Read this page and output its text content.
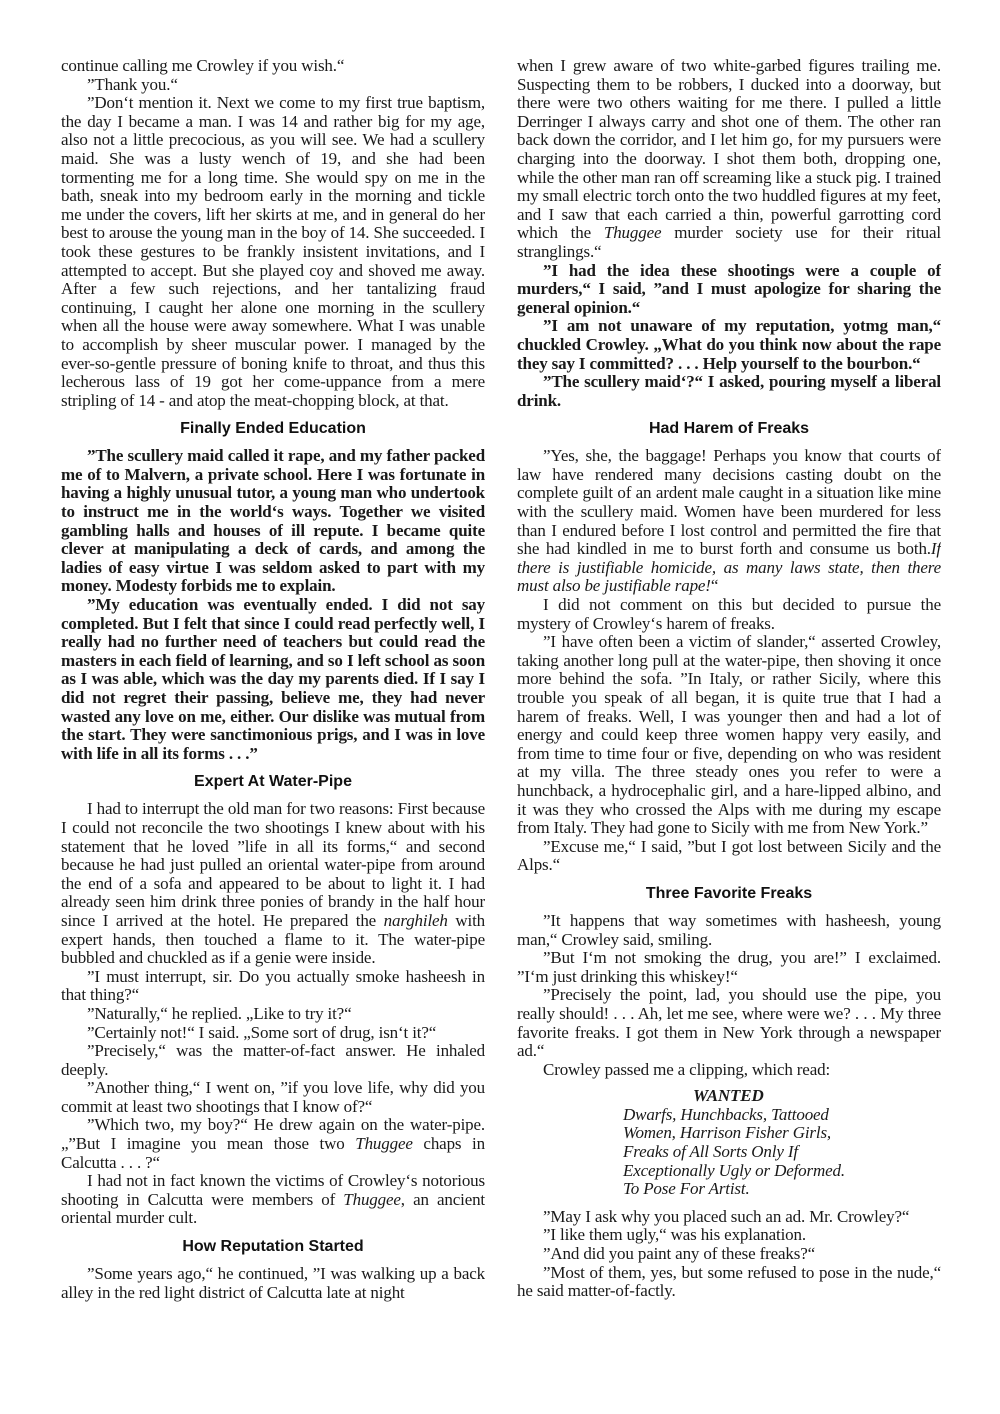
continue calling me Crowley if you wish.“

”Thank you.“

”Don‘t mention it. Next we come to my first true baptism, the day I became a man. I was 14 and rather big for my age, also not a little precocious, as you will see. We had a scullery maid. She was a lusty wench of 19, and she had been tormenting me for a long time. She would spy on me in the bath, sneak into my bedroom early in the morning and tickle me under the covers, lift her skirts at me, and in general do her best to arouse the young man in the boy of 14. She succeeded. I took these gestures to be frankly insistent invitations, and I attempted to accept. But she played coy and shoved me away. After a few such rejections, and her tantalizing fraud continuing, I caught her alone one morning in the scullery when all the house were away somewhere. What I was unable to accomplish by sheer muscular power. I managed by the ever-so-gentle pressure of boning knife to throat, and thus this lecherous lass of 19 got her come-uppance from a mere stripling of 14 - and atop the meat-chopping block, at that.

Finally Ended Education

”The scullery maid called it rape, and my father packed me of to Malvern, a private school. Here I was fortunate in having a highly unusual tutor, a young man who undertook to instruct me in the world‘s ways. Together we visited gambling halls and houses of ill repute. I became quite clever at manipulating a deck of cards, and among the ladies of easy virtue I was seldom asked to part with my money. Modesty forbids me to explain.

”My education was eventually ended. I did not say completed. But I felt that since I could read perfectly well, I really had no further need of teachers but could read the masters in each field of learning, and so I left school as soon as I was able, which was the day my parents died. If I say I did not regret their passing, believe me, they had never wasted any love on me, either. Our dislike was mutual from the start. They were sanctimonious prigs, and I was in love with life in all its forms . . .”

Expert At Water-Pipe

I had to interrupt the old man for two reasons: First because I could not reconcile the two shootings I knew about with his statement that he loved ”life in all its forms,“ and second because he had just pulled an oriental water-pipe from around the end of a sofa and appeared to be about to light it. I had already seen him drink three ponies of brandy in the half hour since I arrived at the hotel. He prepared the narghileh with expert hands, then touched a flame to it. The water-pipe bubbled and chuckled as if a genie were inside.

”I must interrupt, sir. Do you actually smoke hasheesh in that thing?“

”Naturally,“ he replied. „Like to try it?“

”Certainly not!“ I said. „Some sort of drug, isn‘t it?“

”Precisely,“ was the matter-of-fact answer. He inhaled deeply.

”Another thing,“ I went on, ”if you love life, why did you commit at least two shootings that I know of?“

”Which two, my boy?“ He drew again on the water-pipe. „”But I imagine you mean those two Thuggee chaps in Calcutta . . . ?“

I had not in fact known the victims of Crowley‘s notorious shooting in Calcutta were members of Thuggee, an ancient oriental murder cult.

How Reputation Started

”Some years ago,“ he continued, ”I was walking up a back alley in the red light district of Calcutta late at night

when I grew aware of two white-garbed figures trailing me. Suspecting them to be robbers, I ducked into a doorway, but there were two others waiting for me there. I pulled a little Derringer I always carry and shot one of them. The other ran back down the corridor, and I let him go, for my pursuers were charging into the doorway. I shot them both, dropping one, while the other man ran off screaming like a stuck pig. I trained my small electric torch onto the two huddled figures at my feet, and I saw that each carried a thin, powerful garrotting cord which the Thuggee murder society use for their ritual stranglings.“

”I had the idea these shootings were a couple of murders,“ I said, ”and I must apologize for sharing the general opinion.“

”I am not unaware of my reputation, yotmg man,“ chuckled Crowley. „What do you think now about the rape they say I committed? . . . Help yourself to the bourbon.“

”The scullery maid‘?“ I asked, pouring myself a liberal drink.

Had Harem of Freaks

”Yes, she, the baggage! Perhaps you know that courts of law have rendered many decisions casting doubt on the complete guilt of an ardent male caught in a situation like mine with the scullery maid. Women have been murdered for less than I endured before I lost control and permitted the fire that she had kindled in me to burst forth and consume us both.If there is justifiable homicide, as many laws state, then there must also be justifiable rape!“

I did not comment on this but decided to pursue the mystery of Crowley‘s harem of freaks.

”I have often been a victim of slander,“ asserted Crowley, taking another long pull at the water-pipe, then shoving it once more behind the sofa. ”In Italy, or rather Sicily, where this trouble you speak of all began, it is quite true that I had a harem of freaks. Well, I was younger then and had a lot of energy and could keep three women happy very easily, and from time to time four or five, depending on who was resident at my villa. The three steady ones you refer to were a hunchback, a hydrocephalic girl, and a hare-lipped albino, and it was they who crossed the Alps with me during my escape from Italy. They had gone to Sicily with me from New York.”

”Excuse me,“ I said, ”but I got lost between Sicily and the Alps.“

Three Favorite Freaks

”It happens that way sometimes with hasheesh, young man,“ Crowley said, smiling.

”But I‘m not smoking the drug, you are!” I exclaimed. ”I‘m just drinking this whiskey!“

”Precisely the point, lad, you should use the pipe, you really should! . . . Ah, let me see, where were we? . . . My three favorite freaks. I got them in New York through a newspaper ad.“

Crowley passed me a clipping, which read:

WANTED
Dwarfs, Hunchbacks, Tattooed
Women, Harrison Fisher Girls,
Freaks of All Sorts Only If
Exceptionally Ugly or Deformed.
To Pose For Artist.

”May I ask why you placed such an ad. Mr. Crowley?“

”I like them ugly,“ was his explanation.

”And did you paint any of these freaks?“

”Most of them, yes, but some refused to pose in the nude,“ he said matter-of-factly.
